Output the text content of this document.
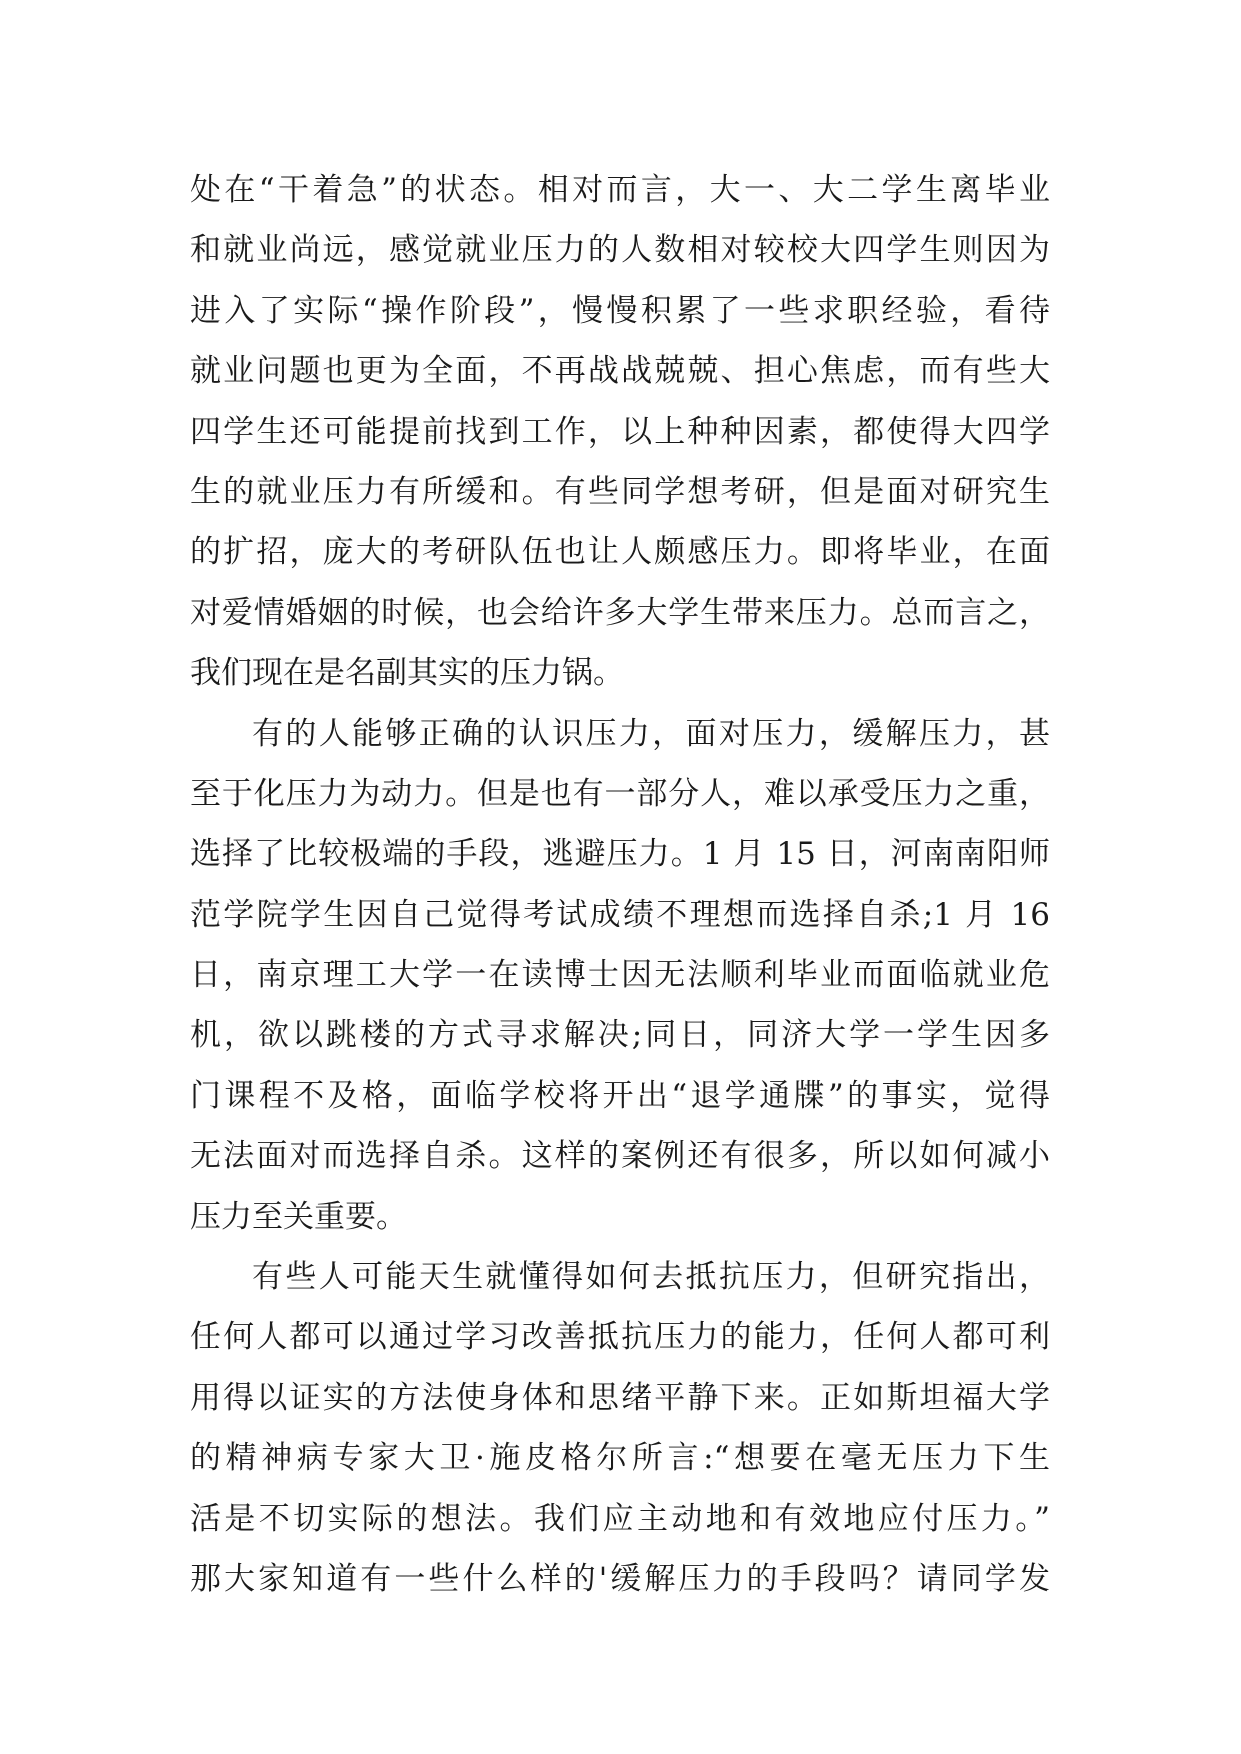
处在“干着急”的状态。相对而言，大一、大二学生离毕业
和就业尚远，感觉就业压力的人数相对较校大四学生则因为
进入了实际“操作阶段”，慢慢积累了一些求职经验，看待
就业问题也更为全面，不再战战兢兢、担心焦虑，而有些大
四学生还可能提前找到工作，以上种种因素，都使得大四学
生的就业压力有所缓和。有些同学想考研，但是面对研究生
的扩招，庞大的考研队伍也让人颇感压力。即将毕业，在面
对爱情婚姻的时候，也会给许多大学生带来压力。总而言之，
我们现在是名副其实的压力锅。
有的人能够正确的认识压力，面对压力，缓解压力，甚
至于化压力为动力。但是也有一部分人，难以承受压力之重，
选择了比较极端的手段，逃避压力。1 月 15 日，河南南阳师
范学院学生因自己觉得考试成绩不理想而选择自杀;1 月 16
日，南京理工大学一在读博士因无法顺利毕业而面临就业危
机，欲以跳楼的方式寻求解决;同日，同济大学一学生因多
门课程不及格，面临学校将开出“退学通牒”的事实，觉得
无法面对而选择自杀。这样的案例还有很多，所以如何减小
压力至关重要。
有些人可能天生就懂得如何去抵抗压力，但研究指出，
任何人都可以通过学习改善抵抗压力的能力，任何人都可利
用得以证实的方法使身体和思绪平静下来。正如斯坦福大学
的精神病专家大卫·施皮格尔所言:“想要在毫无压力下生
活是不切实际的想法。我们应主动地和有效地应付压力。”
那大家知道有一些什么样的'缓解压力的手段吗？请同学发
